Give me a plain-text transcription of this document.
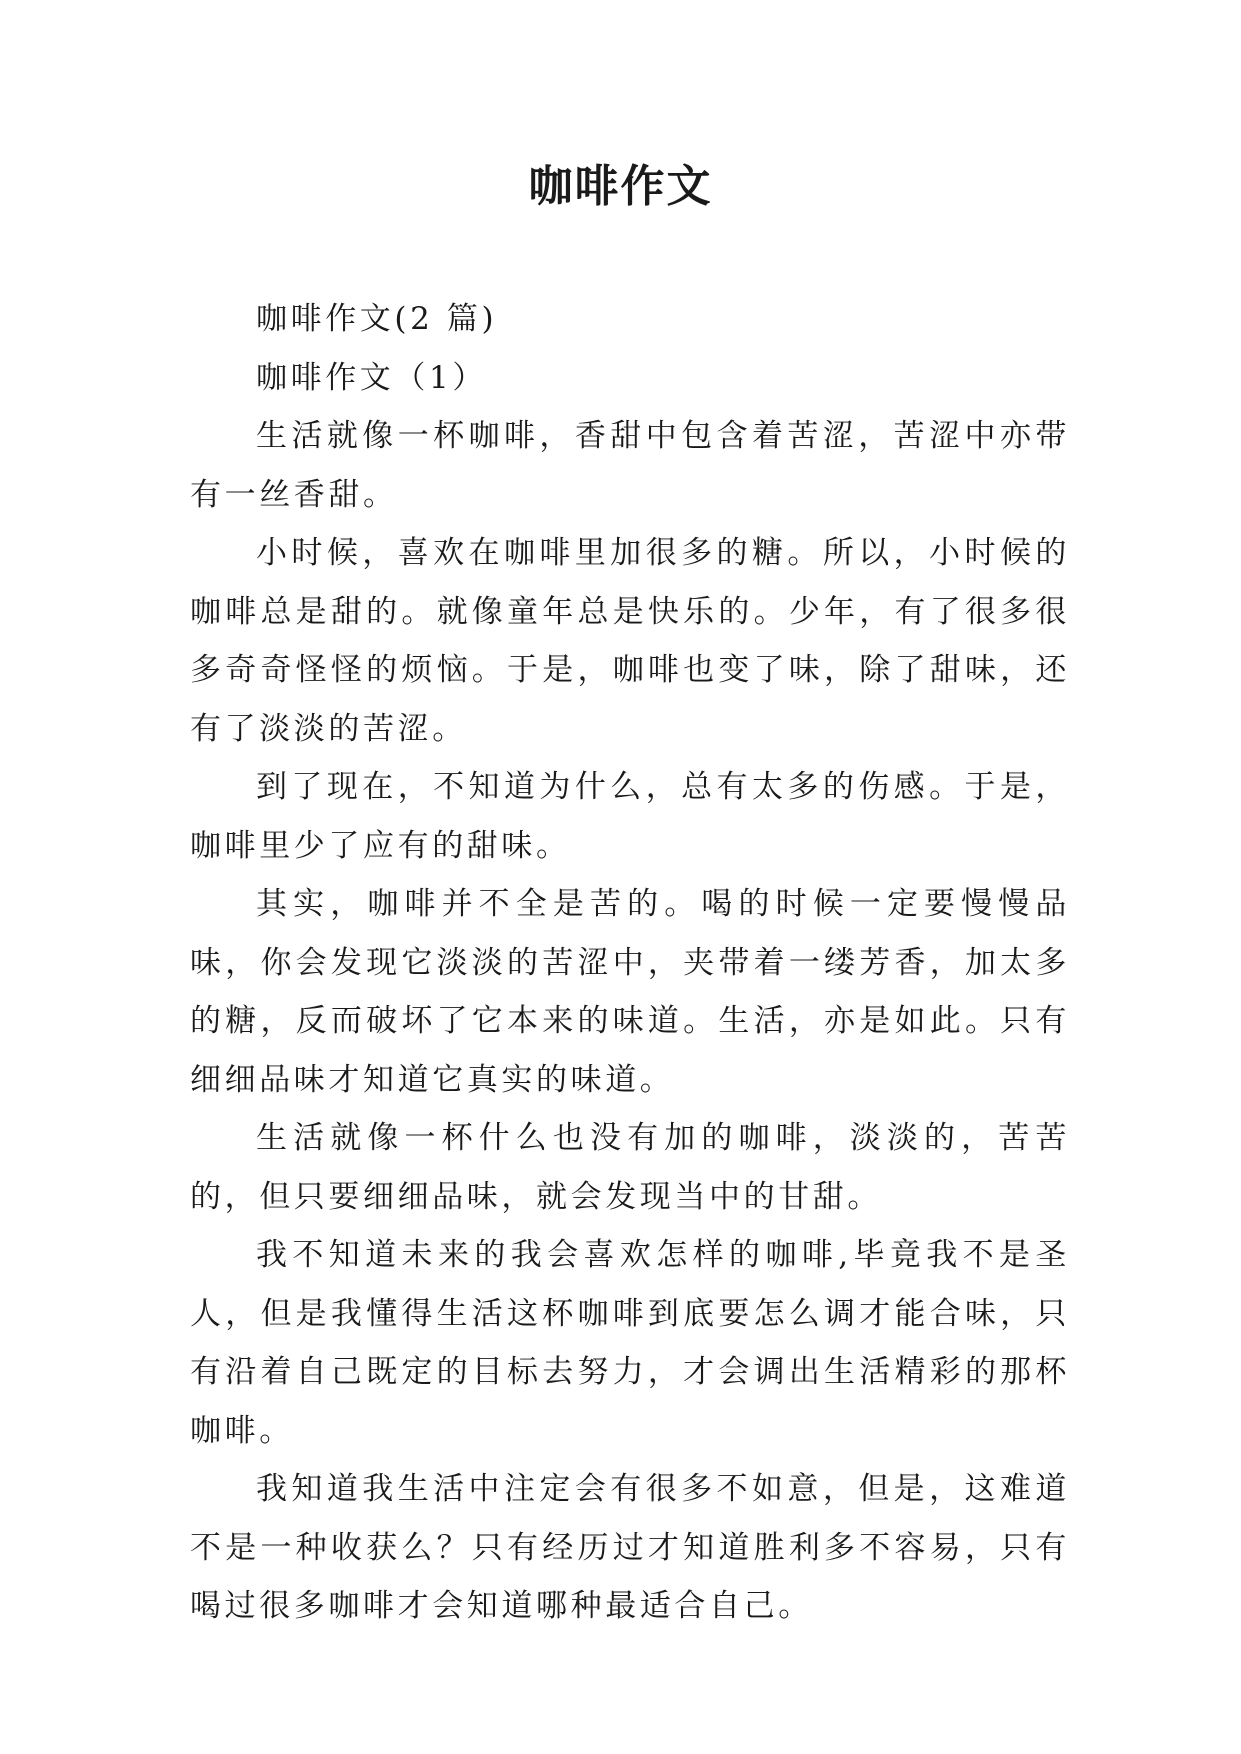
咖啡作文

咖啡作文(2 篇)

咖啡作文（1）

生活就像一杯咖啡，香甜中包含着苦涩，苦涩中亦带有一丝香甜。

小时候，喜欢在咖啡里加很多的糖。所以，小时候的咖啡总是甜的。就像童年总是快乐的。少年，有了很多很多奇奇怪怪的烦恼。于是，咖啡也变了味，除了甜味，还有了淡淡的苦涩。

到了现在，不知道为什么，总有太多的伤感。于是，咖啡里少了应有的甜味。

其实，咖啡并不全是苦的。喝的时候一定要慢慢品味，你会发现它淡淡的苦涩中，夹带着一缕芳香，加太多的糖，反而破坏了它本来的味道。生活，亦是如此。只有细细品味才知道它真实的味道。

生活就像一杯什么也没有加的咖啡，淡淡的，苦苦的，但只要细细品味，就会发现当中的甘甜。

我不知道未来的我会喜欢怎样的咖啡,毕竟我不是圣人，但是我懂得生活这杯咖啡到底要怎么调才能合味，只有沿着自己既定的目标去努力，才会调出生活精彩的那杯咖啡。

我知道我生活中注定会有很多不如意，但是，这难道不是一种收获么？只有经历过才知道胜利多不容易，只有喝过很多咖啡才会知道哪种最适合自己。
